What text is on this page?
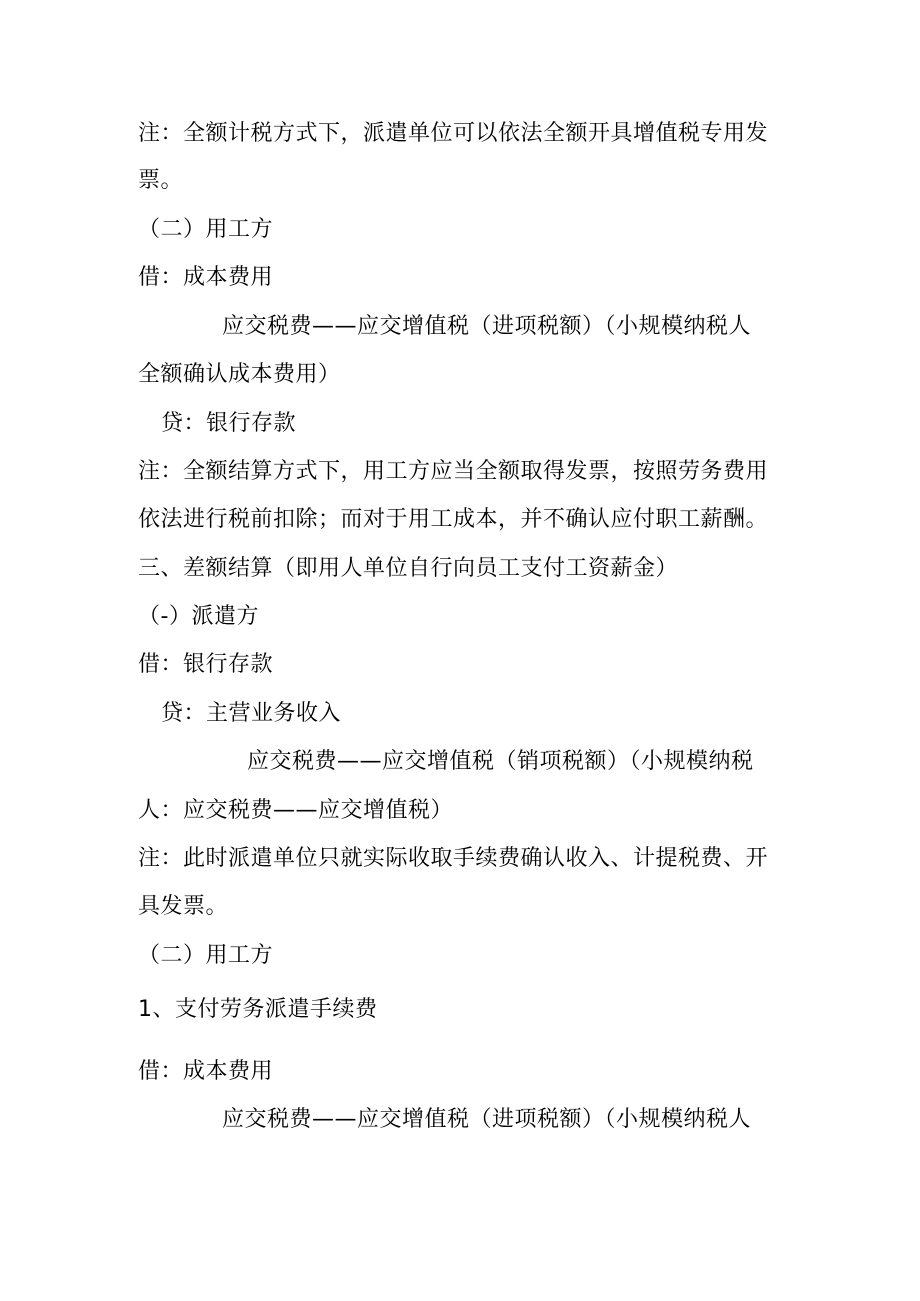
注：全额计税方式下，派遣单位可以依法全额开具增值税专用发
票。
（二）用工方
借：成本费用
应交税费——应交增值税（进项税额）（小规模纳税人
全额确认成本费用）
贷：银行存款
注：全额结算方式下，用工方应当全额取得发票，按照劳务费用
依法进行税前扣除；而对于用工成本，并不确认应付职工薪酬。
三、差额结算（即用人单位自行向员工支付工资薪金）
（-）派遣方
借：银行存款
贷：主营业务收入
应交税费——应交增值税（销项税额）（小规模纳税
人：应交税费——应交增值税）
注：此时派遣单位只就实际收取手续费确认收入、计提税费、开
具发票。
（二）用工方
1、支付劳务派遣手续费
借：成本费用
应交税费——应交增值税（进项税额）（小规模纳税人
